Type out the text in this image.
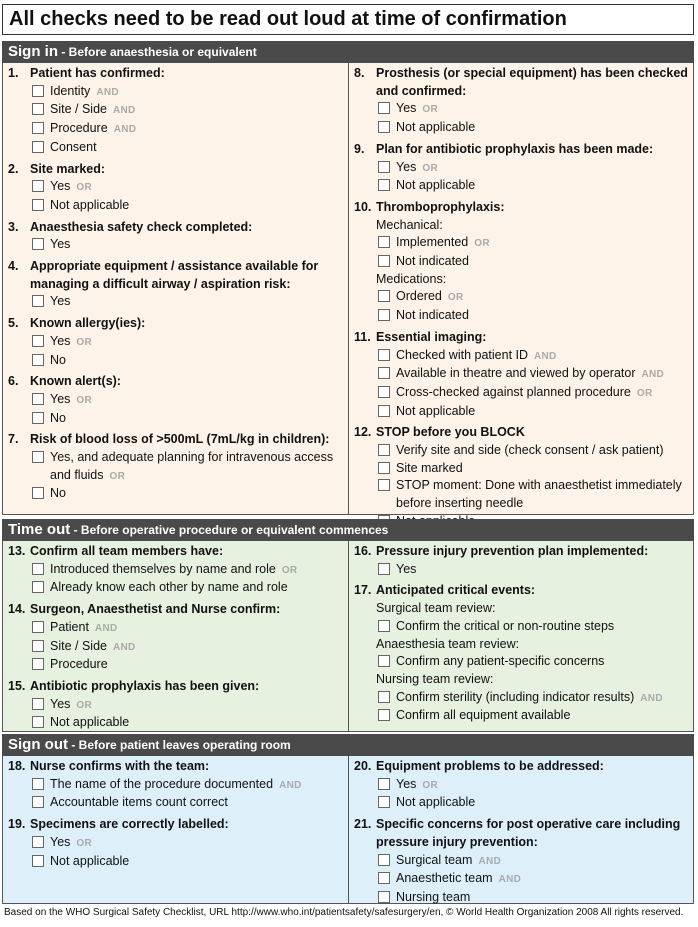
All checks need to be read out loud at time of confirmation
Sign in - Before anaesthesia or equivalent
1. Patient has confirmed:
Identity AND
Site / Side AND
Procedure AND
Consent
2. Site marked:
Yes OR
Not applicable
3. Anaesthesia safety check completed:
Yes
4. Appropriate equipment / assistance available for managing a difficult airway / aspiration risk:
Yes
5. Known allergy(ies):
Yes OR
No
6. Known alert(s):
Yes OR
No
7. Risk of blood loss of >500mL (7mL/kg in children):
Yes, and adequate planning for intravenous access and fluids OR
No
8. Prosthesis (or special equipment) has been checked and confirmed:
Yes OR
Not applicable
9. Plan for antibiotic prophylaxis has been made:
Yes OR
Not applicable
10. Thromboprophylaxis:
Mechanical:
Implemented OR
Not indicated
Medications:
Ordered OR
Not indicated
11. Essential imaging:
Checked with patient ID AND
Available in theatre and viewed by operator AND
Cross-checked against planned procedure OR
Not applicable
12. STOP before you BLOCK
Verify site and side (check consent / ask patient)
Site marked
STOP moment: Done with anaesthetist immediately before inserting needle
Time out - Before operative procedure or equivalent commences
13. Confirm all team members have:
Introduced themselves by name and role OR
Already know each other by name and role
14. Surgeon, Anaesthetist and Nurse confirm:
Patient AND
Site / Side AND
Procedure
15. Antibiotic prophylaxis has been given:
Yes OR
Not applicable
16. Pressure injury prevention plan implemented:
Yes
17. Anticipated critical events:
Surgical team review:
Confirm the critical or non-routine steps
Anaesthesia team review:
Confirm any patient-specific concerns
Nursing team review:
Confirm sterility (including indicator results) AND
Confirm all equipment available
Sign out - Before patient leaves operating room
18. Nurse confirms with the team:
The name of the procedure documented AND
Accountable items count correct
19. Specimens are correctly labelled:
Yes OR
Not applicable
20. Equipment problems to be addressed:
Yes OR
Not applicable
21. Specific concerns for post operative care including pressure injury prevention:
Surgical team AND
Anaesthetic team AND
Nursing team
Based on the WHO Surgical Safety Checklist, URL http://www.who.int/patientsafety/safesurgery/en, © World Health Organization 2008 All rights reserved.
